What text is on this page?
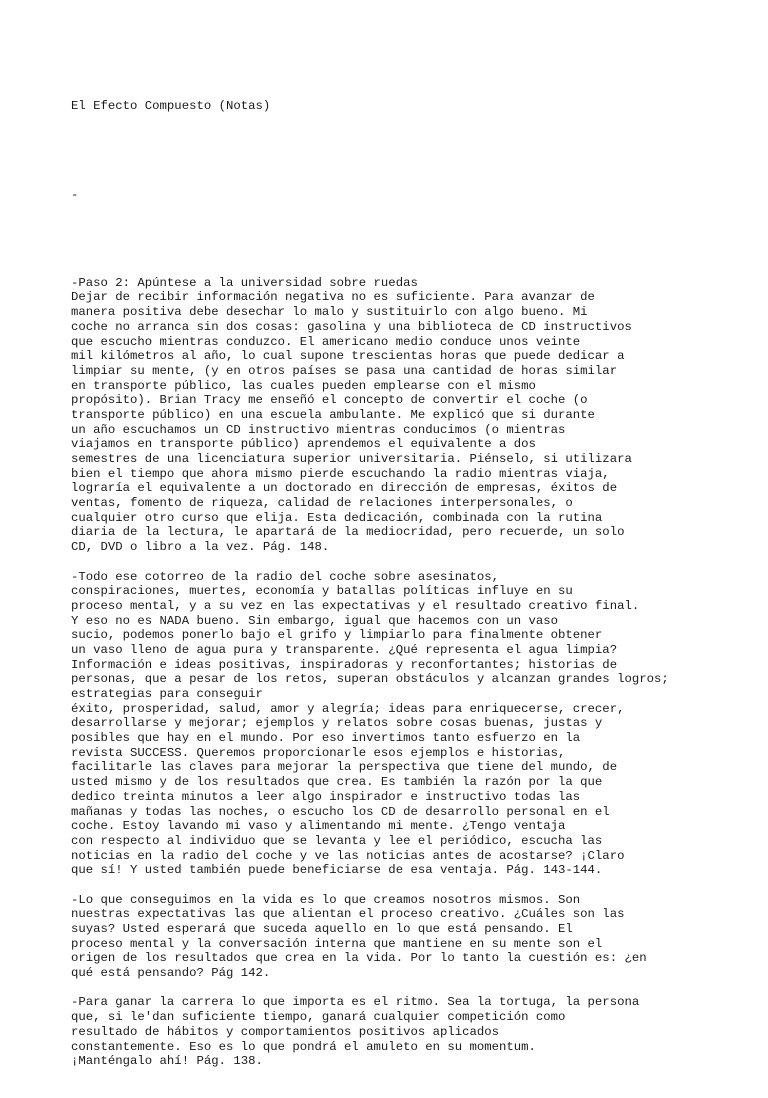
El Efecto Compuesto (Notas)

-

-Paso 2: Apúntese a la universidad sobre ruedas
Dejar de recibir información negativa no es suficiente. Para avanzar de
manera positiva debe desechar lo malo y sustituirlo con algo bueno. Mi
coche no arranca sin dos cosas: gasolina y una biblioteca de CD instructivos
que escucho mientras conduzco. El americano medio conduce unos veinte
mil kilómetros al año, lo cual supone trescientas horas que puede dedicar a
limpiar su mente, (y en otros países se pasa una cantidad de horas similar
en transporte público, las cuales pueden emplearse con el mismo
propósito). Brian Tracy me enseñó el concepto de convertir el coche (o
transporte público) en una escuela ambulante. Me explicó que si durante
un año escuchamos un CD instructivo mientras conducimos (o mientras
viajamos en transporte público) aprendemos el equivalente a dos
semestres de una licenciatura superior universitaria. Piénselo, si utilizara
bien el tiempo que ahora mismo pierde escuchando la radio mientras viaja,
lograría el equivalente a un doctorado en dirección de empresas, éxitos de
ventas, fomento de riqueza, calidad de relaciones interpersonales, o
cualquier otro curso que elija. Esta dedicación, combinada con la rutina
diaria de la lectura, le apartará de la mediocridad, pero recuerde, un solo
CD, DVD o libro a la vez. Pág. 148.
-Todo ese cotorreo de la radio del coche sobre asesinatos,
conspiraciones, muertes, economía y batallas políticas influye en su
proceso mental, y a su vez en las expectativas y el resultado creativo final.
Y eso no es NADA bueno. Sin embargo, igual que hacemos con un vaso
sucio, podemos ponerlo bajo el grifo y limpiarlo para finalmente obtener
un vaso lleno de agua pura y transparente. ¿Qué representa el agua limpia?
Información e ideas positivas, inspiradoras y reconfortantes; historias de
personas, que a pesar de los retos, superan obstáculos y alcanzan grandes logros;
estrategias para conseguir
éxito, prosperidad, salud, amor y alegría; ideas para enriquecerse, crecer,
desarrollarse y mejorar; ejemplos y relatos sobre cosas buenas, justas y
posibles que hay en el mundo. Por eso invertimos tanto esfuerzo en la
revista SUCCESS. Queremos proporcionarle esos ejemplos e historias,
facilitarle las claves para mejorar la perspectiva que tiene del mundo, de
usted mismo y de los resultados que crea. Es también la razón por la que
dedico treinta minutos a leer algo inspirador e instructivo todas las
mañanas y todas las noches, o escucho los CD de desarrollo personal en el
coche. Estoy lavando mi vaso y alimentando mi mente. ¿Tengo ventaja
con respecto al individuo que se levanta y lee el periódico, escucha las
noticias en la radio del coche y ve las noticias antes de acostarse? ¡Claro
que sí! Y usted también puede beneficiarse de esa ventaja. Pág. 143-144.
-Lo que conseguimos en la vida es lo que creamos nosotros mismos. Son
nuestras expectativas las que alientan el proceso creativo. ¿Cuáles son las
suyas? Usted esperará que suceda aquello en lo que está pensando. El
proceso mental y la conversación interna que mantiene en su mente son el
origen de los resultados que crea en la vida. Por lo tanto la cuestión es: ¿en
qué está pensando? Pág 142.
-Para ganar la carrera lo que importa es el ritmo. Sea la tortuga, la persona
que, si le'dan suficiente tiempo, ganará cualquier competición como
resultado de hábitos y comportamientos positivos aplicados
constantemente. Eso es lo que pondrá el amuleto en su momentum.
¡Manténgalo ahí! Pág. 138.
